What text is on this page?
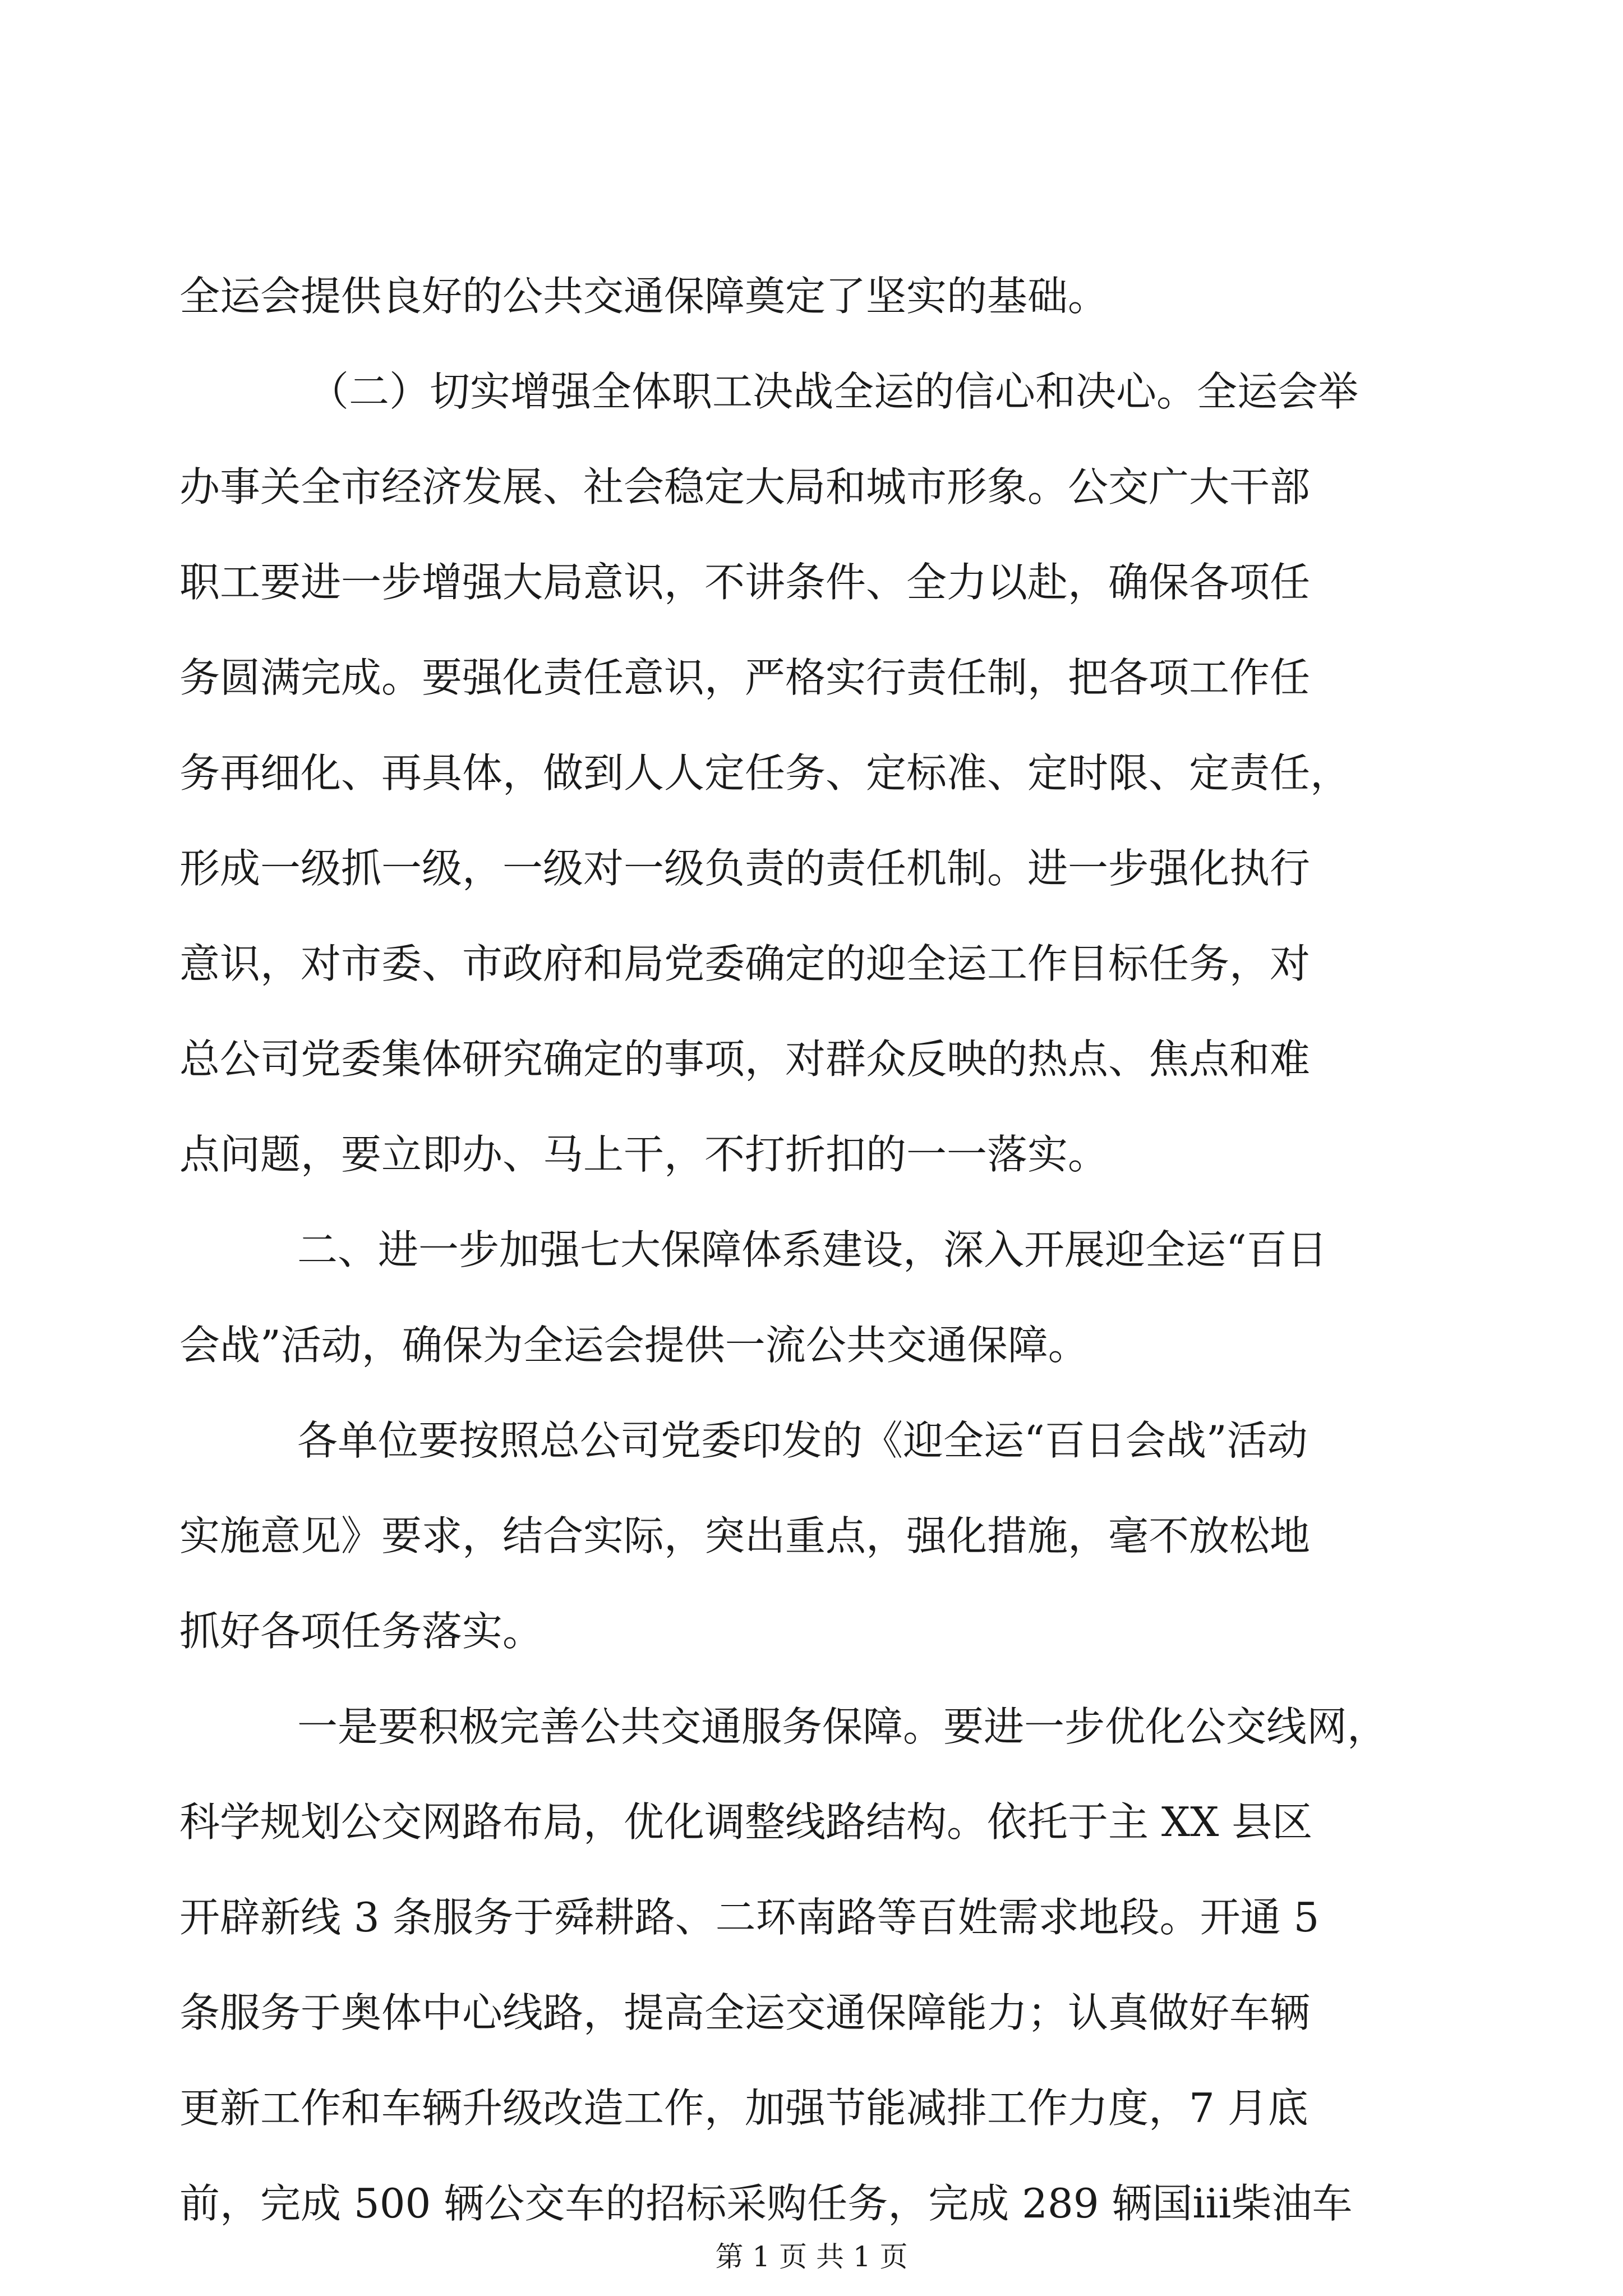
全运会提供良好的公共交通保障奠定了坚实的基础。
（二）切实增强全体职工决战全运的信心和决心。全运会举
办事关全市经济发展、社会稳定大局和城市形象。公交广大干部
职工要进一步增强大局意识，不讲条件、全力以赴，确保各项任
务圆满完成。要强化责任意识，严格实行责任制，把各项工作任
务再细化、再具体，做到人人定任务、定标准、定时限、定责任，
形成一级抓一级，一级对一级负责的责任机制。进一步强化执行
意识，对市委、市政府和局党委确定的迎全运工作目标任务，对
总公司党委集体研究确定的事项，对群众反映的热点、焦点和难
点问题，要立即办、马上干，不打折扣的一一落实。
二、进一步加强七大保障体系建设，深入开展迎全运“百日
会战”活动，确保为全运会提供一流公共交通保障。
各单位要按照总公司党委印发的《迎全运“百日会战”活动
实施意见》要求，结合实际，突出重点，强化措施，毫不放松地
抓好各项任务落实。
一是要积极完善公共交通服务保障。要进一步优化公交线网，
科学规划公交网路布局，优化调整线路结构。依托于主 XX 县区
开辟新线 3 条服务于舜耕路、二环南路等百姓需求地段。开通 5
条服务于奥体中心线路，提高全运交通保障能力；认真做好车辆
更新工作和车辆升级改造工作，加强节能减排工作力度，7 月底
前，完成 500 辆公交车的招标采购任务，完成 289 辆国ⅲ柴油车
第 1 页 共 1 页
